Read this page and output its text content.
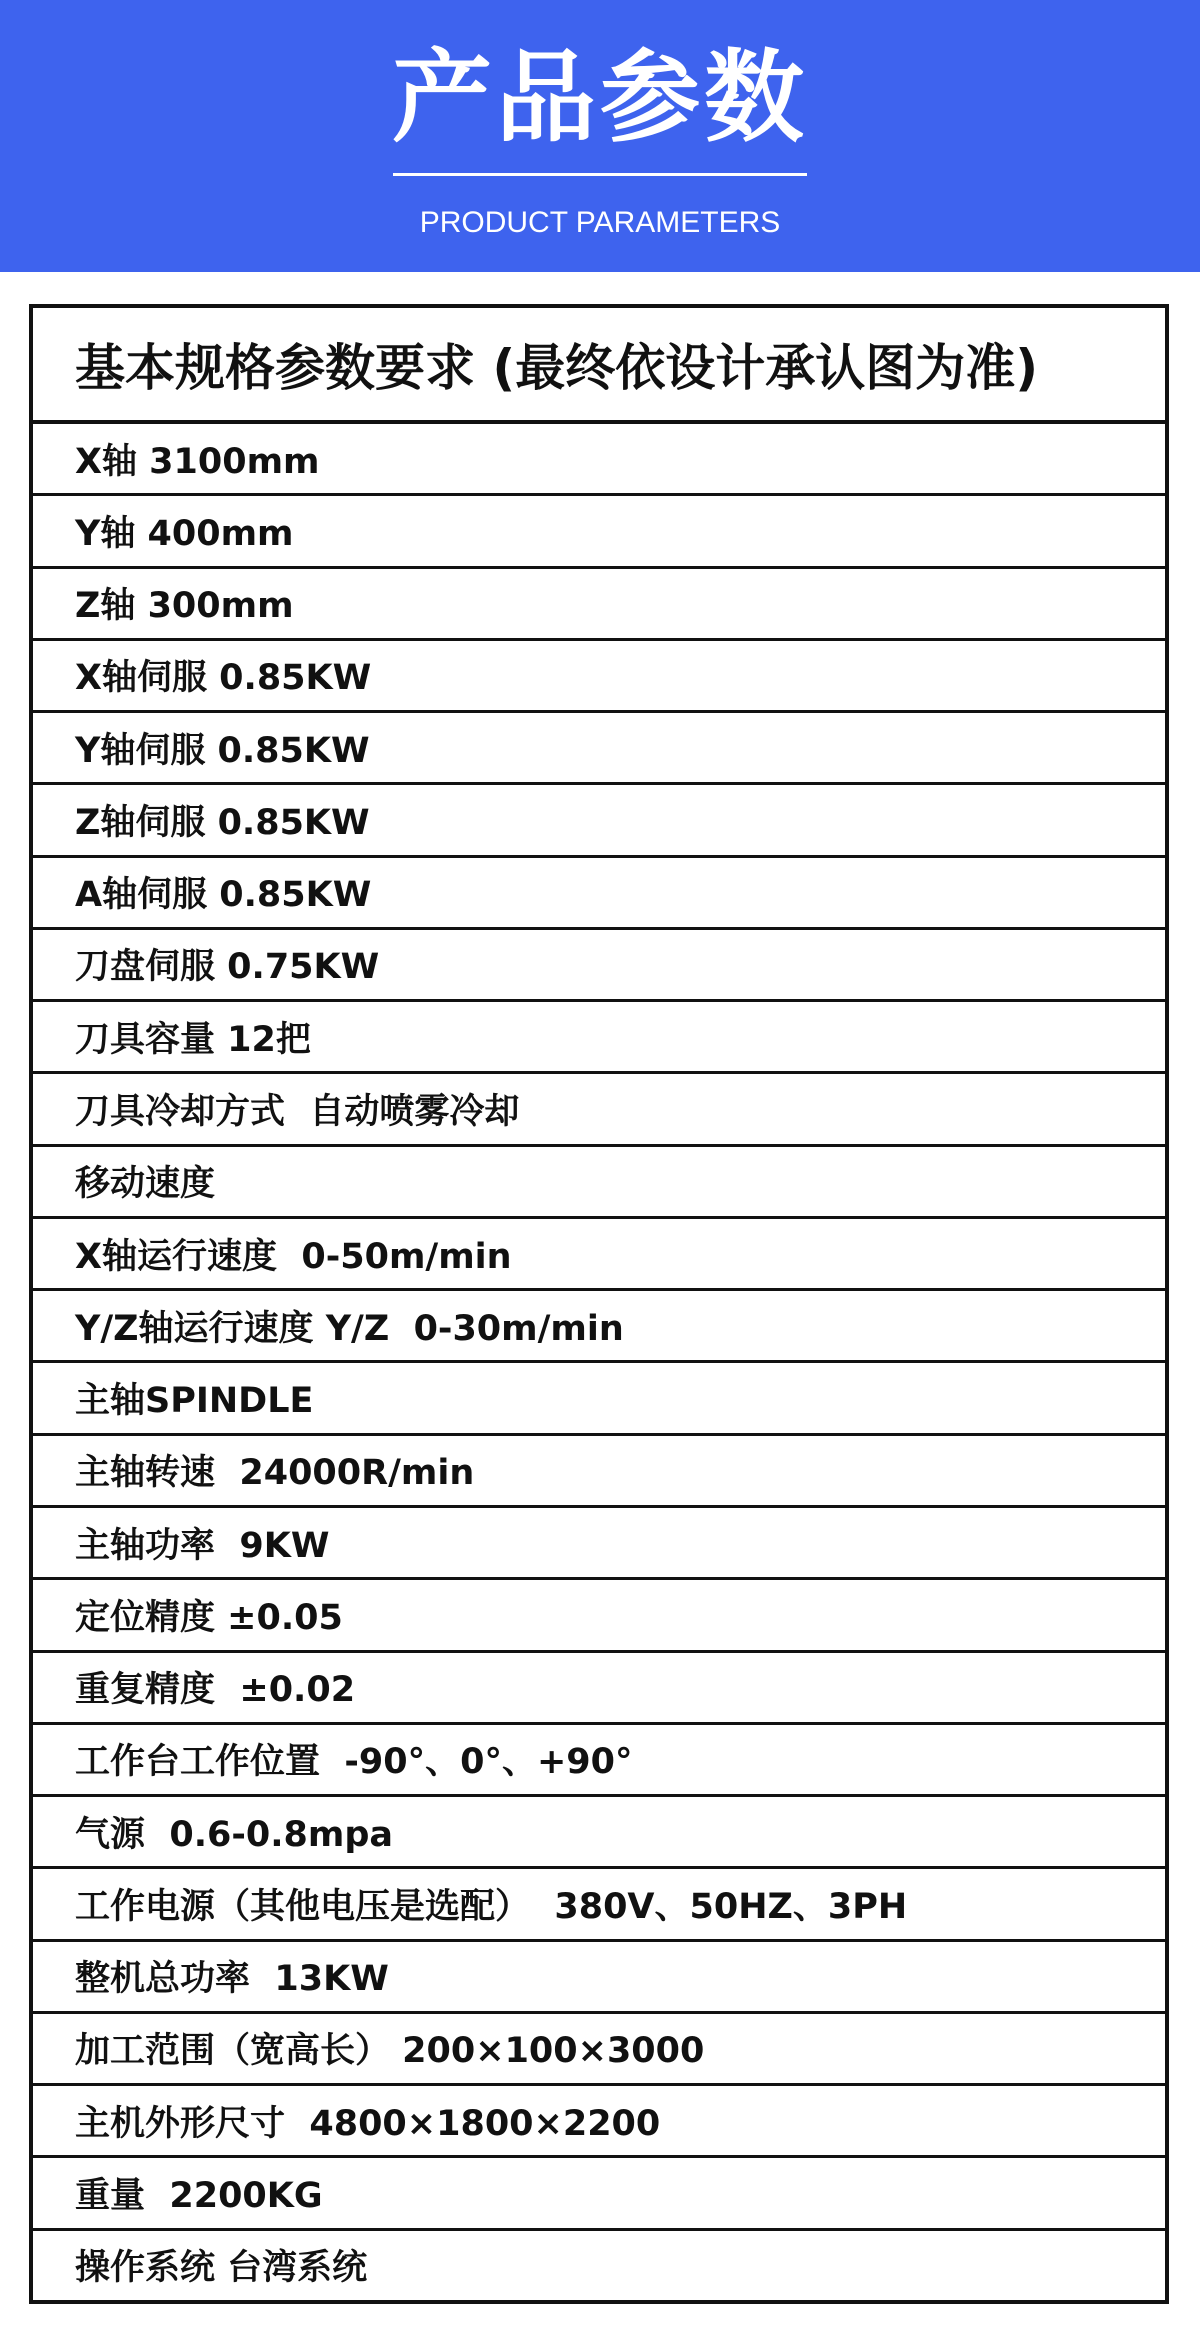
产品参数
PRODUCT PARAMETERS
基本规格参数要求 (最终依设计承认图为准)
X轴 3100mm
Y轴 400mm
Z轴 300mm
X轴伺服 0.85KW
Y轴伺服 0.85KW
Z轴伺服 0.85KW
A轴伺服 0.85KW
刀盘伺服 0.75KW
刀具容量 12把
刀具冷却方式  自动喷雾冷却
移动速度
X轴运行速度  0-50m/min
Y/Z轴运行速度 Y/Z  0-30m/min
主轴SPINDLE
主轴转速  24000R/min
主轴功率  9KW
定位精度 ±0.05
重复精度  ±0.02
工作台工作位置  -90°、0°、+90°
气源  0.6-0.8mpa
工作电源（其他电压是选配）  380V、50HZ、3PH
整机总功率  13KW
加工范围（宽高长） 200×100×3000
主机外形尺寸  4800×1800×2200
重量  2200KG
操作系统 台湾系统
